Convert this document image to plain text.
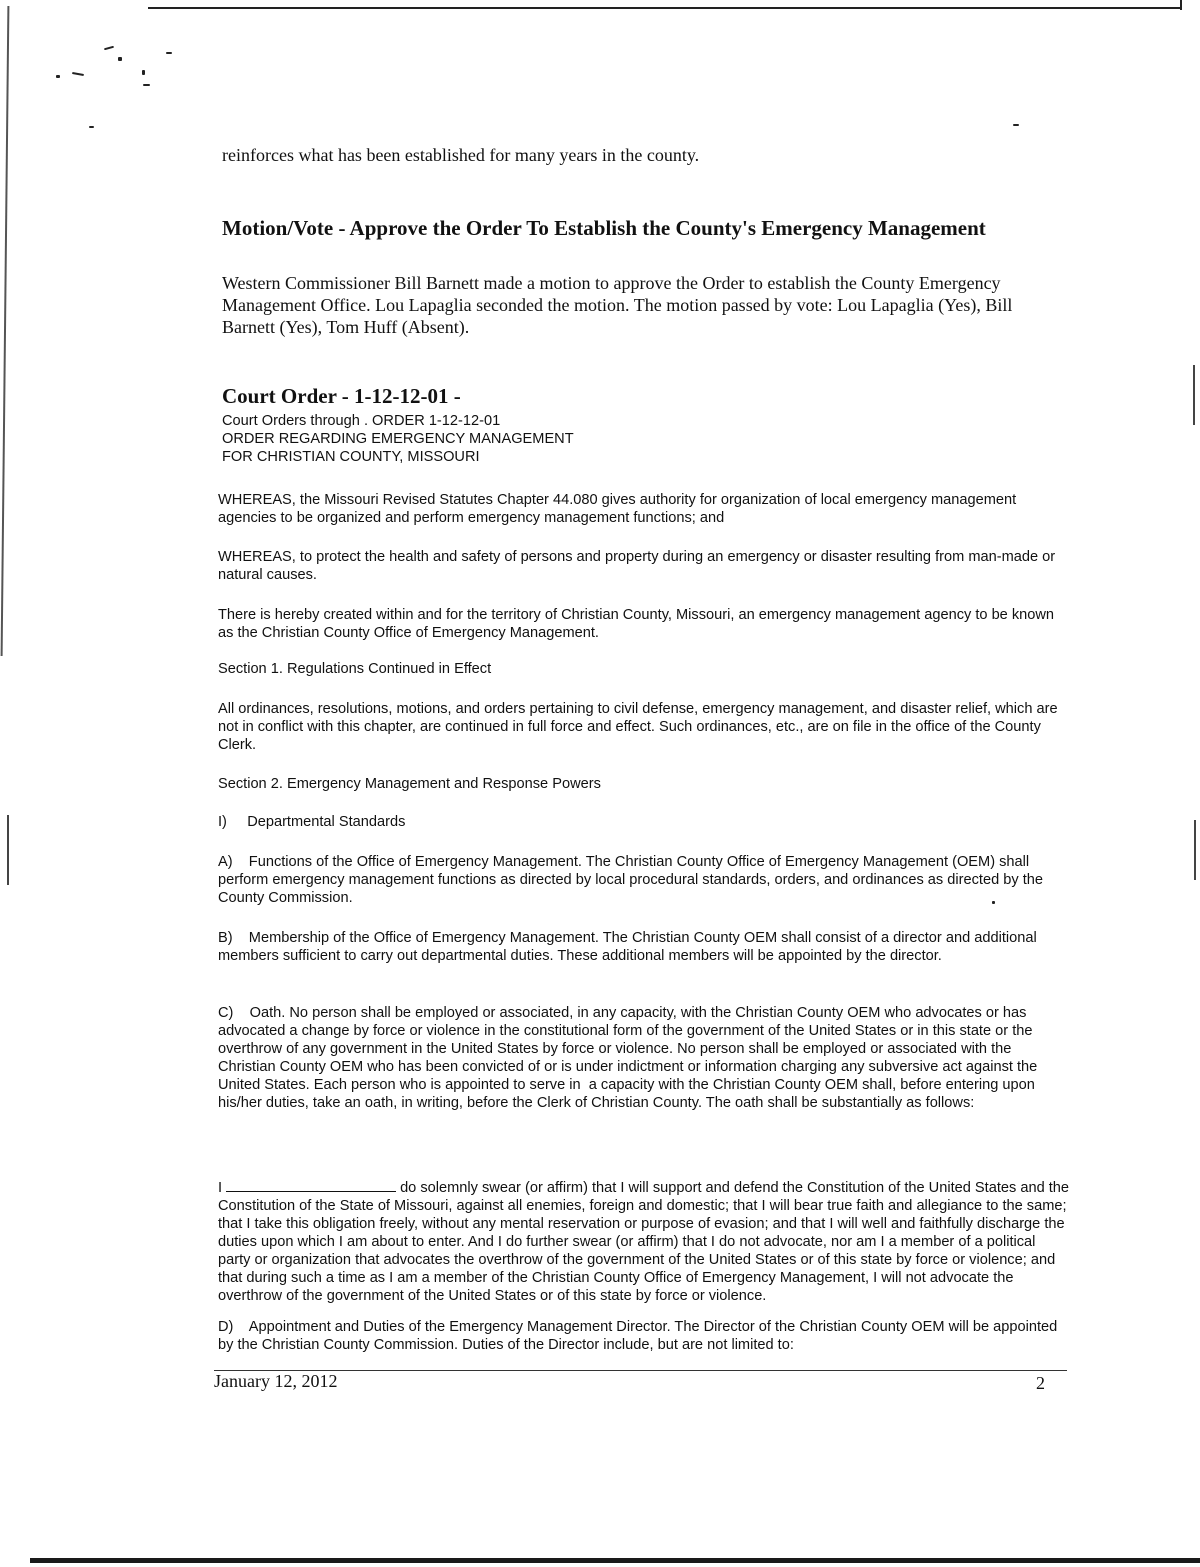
reinforces what has been established for many years in the county.
Motion/Vote - Approve the Order To Establish the County's Emergency Management
Western Commissioner Bill Barnett made a motion to approve the Order to establish the County Emergency Management Office. Lou Lapaglia seconded the motion. The motion passed by vote: Lou Lapaglia (Yes), Bill Barnett (Yes), Tom Huff (Absent).
Court Order - 1-12-12-01 -
Court Orders through . ORDER 1-12-12-01
ORDER REGARDING EMERGENCY MANAGEMENT
FOR CHRISTIAN COUNTY, MISSOURI
WHEREAS, the Missouri Revised Statutes Chapter 44.080 gives authority for organization of local emergency management agencies to be organized and perform emergency management functions; and
WHEREAS, to protect the health and safety of persons and property during an emergency or disaster resulting from man-made or natural causes.
There is hereby created within and for the territory of Christian County, Missouri, an emergency management agency to be known as the Christian County Office of Emergency Management.
Section 1. Regulations Continued in Effect
All ordinances, resolutions, motions, and orders pertaining to civil defense, emergency management, and disaster relief, which are not in conflict with this chapter, are continued in full force and effect. Such ordinances, etc., are on file in the office of the County Clerk.
Section 2. Emergency Management and Response Powers
I)     Departmental Standards
A)    Functions of the Office of Emergency Management. The Christian County Office of Emergency Management (OEM) shall perform emergency management functions as directed by local procedural standards, orders, and ordinances as directed by the County Commission.
B)    Membership of the Office of Emergency Management. The Christian County OEM shall consist of a director and additional members sufficient to carry out departmental duties. These additional members will be appointed by the director.
C)    Oath. No person shall be employed or associated, in any capacity, with the Christian County OEM who advocates or has advocated a change by force or violence in the constitutional form of the government of the United States or in this state or the overthrow of any government in the United States by force or violence. No person shall be employed or associated with the Christian County OEM who has been convicted of or is under indictment or information charging any subversive act against the United States. Each person who is appointed to serve in  a capacity with the Christian County OEM shall, before entering upon his/her duties, take an oath, in writing, before the Clerk of Christian County. The oath shall be substantially as follows:
I	do solemnly swear (or affirm) that I will support and defend the Constitution of the United States and the Constitution of the State of Missouri, against all enemies, foreign and domestic; that I will bear true faith and allegiance to the same; that I take this obligation freely, without any mental reservation or purpose of evasion; and that I will well and faithfully discharge the duties upon which I am about to enter. And I do further swear (or affirm) that I do not advocate, nor am I a member of a political party or organization that advocates the overthrow of the government of the United States or of this state by force or violence; and that during such a time as I am a member of the Christian County Office of Emergency Management, I will not advocate the overthrow of the government of the United States or of this state by force or violence.
D)    Appointment and Duties of the Emergency Management Director. The Director of the Christian County OEM will be appointed by the Christian County Commission. Duties of the Director include, but are not limited to:
January 12, 2012	2
